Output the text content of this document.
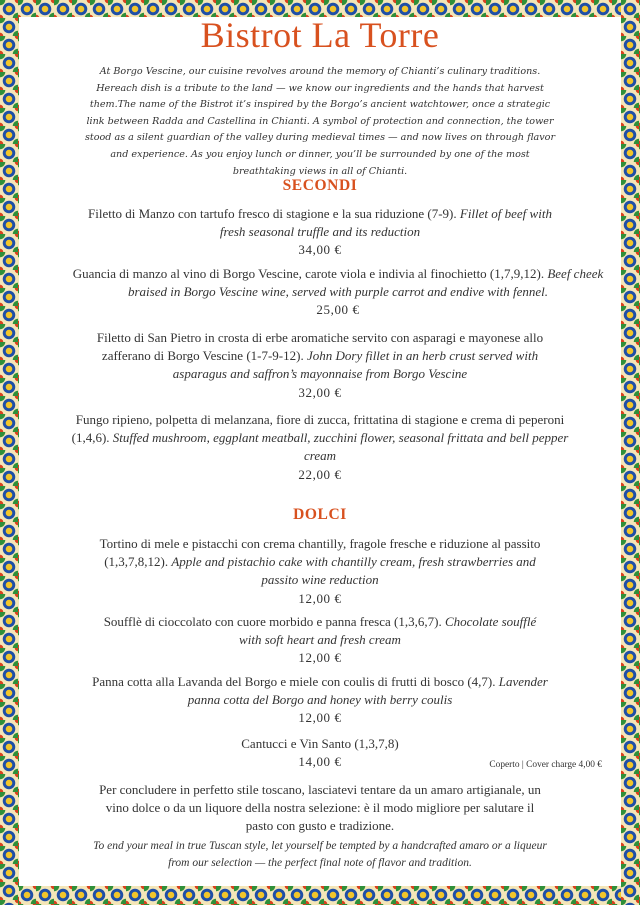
Bistrot La Torre

At Borgo Vescine, our cuisine revolves around the memory of Chianti’s culinary traditions. Hereach dish is a tribute to the land — we know our ingredients and the hands that harvest them.The name of the Bistrot it’s inspired by the Borgo’s ancient watchtower, once a strategic link between Radda and Castellina in Chianti. A symbol of protection and connection, the tower stood as a silent guardian of the valley during medieval times — and now lives on through flavor and experience. As you enjoy lunch or dinner, you’ll be surrounded by one of the most breathtaking views in all of Chianti.

SECONDI
Filetto di Manzo con tartufo fresco di stagione e la sua riduzione (7-9). Fillet of beef with fresh seasonal truffle and its reduction
34,00 €
Guancia di manzo al vino di Borgo Vescine, carote viola e indivia al finochietto (1,7,9,12). Beef cheek braised in Borgo Vescine wine, served with purple carrot and endive with fennel.
25,00 €
Filetto di San Pietro in crosta di erbe aromatiche servito con asparagi e mayonese allo zafferano di Borgo Vescine (1-7-9-12). John Dory fillet in an herb crust served with asparagus and saffron’s mayonnaise from Borgo Vescine
32,00 €
Fungo ripieno, polpetta di melanzana, fiore di zucca, frittatina di stagione e crema di peperoni (1,4,6). Stuffed mushroom, eggplant meatball, zucchini flower, seasonal frittata and bell pepper cream
22,00 €
DOLCI
Tortino di mele e pistacchi con crema chantilly, fragole fresche e riduzione al passito (1,3,7,8,12). Apple and pistachio cake with chantilly cream, fresh strawberries and passito wine reduction
12,00 €
Soufflè di cioccolato con cuore morbido e panna fresca (1,3,6,7). Chocolate soufflé with soft heart and fresh cream
12,00 €
Panna cotta alla Lavanda del Borgo e miele con coulis di frutti di bosco (4,7). Lavender panna cotta del Borgo and honey with berry coulis
12,00 €
Cantucci e Vin Santo (1,3,7,8)
14,00 €	Coperto | Cover charge 4,00 €

Per concludere in perfetto stile toscano, lasciatevi tentare da un amaro artigianale, un vino dolce o da un liquore della nostra selezione: è il modo migliore per salutare il pasto con gusto e tradizione.
To end your meal in true Tuscan style, let yourself be tempted by a handcrafted amaro or a liqueur from our selection — the perfect final note of flavor and tradition.
